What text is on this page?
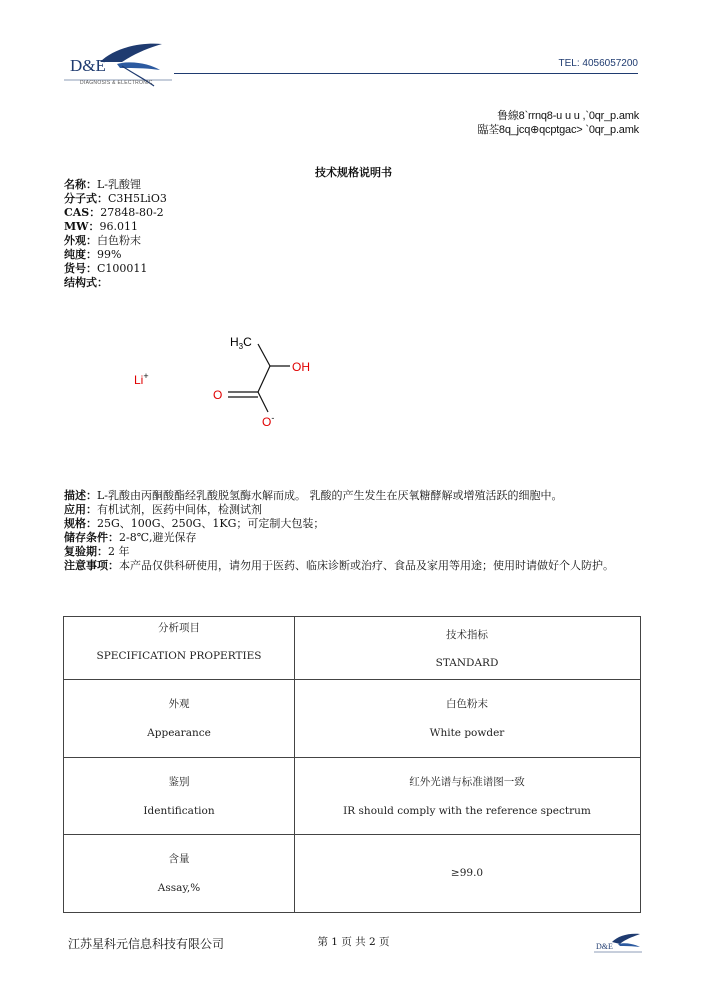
D&E
DIAGNOSIS & ELECTRONIC
TEL: 4056057200
鲁線8`rrnq8-u u u ,`0qr_p.amk
臨荃8q_jcq⊕qcptgac> `0qr_p.amk
技术规格说明书
名称：L-乳酸锂
分子式：C3H5LiO3
CAS：27848-80-2
MW：96.011
外观：白色粉末
纯度：99%
货号：C100011
结构式：
$H_3C$
OH
O
O-
Li+
描述：L-乳酸由丙酮酸酯经乳酸脱氢酶水解而成。 乳酸的产生发生在厌氧糖酵解或增殖活跃的细胞中。
应用：有机试剂，医药中间体，检测试剂
规格：25G、100G、250G、1KG；可定制大包装；
储存条件：2-8℃,避光保存
复验期：2 年
注意事项：本产品仅供科研使用，请勿用于医药、临床诊断或治疗、食品及家用等用途；使用时请做好个人防护。
分析项目
SPECIFICATION PROPERTIES
技术指标
STANDARD
外观
Appearance
白色粉末
White powder
鉴别
Identification
红外光谱与标准谱图一致
IR should comply with the reference spectrum
含量
Assay,%
≥99.0
江苏星科元信息科技有限公司	第 1 页 共 2 页	D&E
